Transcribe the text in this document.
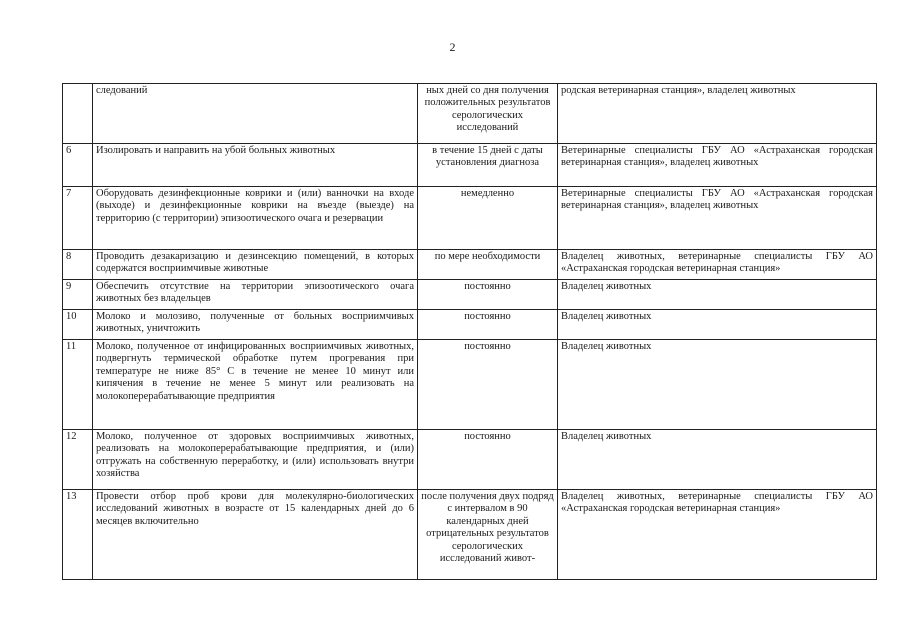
2
	следований	ных дней со дня получения положительных результатов серологических исследований	родская ветеринарная станция», владелец животных
6	Изолировать и направить на убой больных животных	в течение 15 дней с даты установления диагноза	Ветеринарные специалисты ГБУ АО «Астраханская городская ветеринарная станция», владелец животных
7	Оборудовать дезинфекционные коврики и (или) ванночки на входе (выходе) и дезинфекционные коврики на въезде (выезде) на территорию (с территории) эпизоотического очага и резервации	немедленно	Ветеринарные специалисты ГБУ АО «Астраханская городская ветеринарная станция», владелец животных
8	Проводить дезакаризацию и дезинсекцию помещений, в которых содержатся восприимчивые животные	по мере необходимости	Владелец животных, ветеринарные специалисты ГБУ АО «Астраханская городская ветеринарная станция»
9	Обеспечить отсутствие на территории эпизоотического очага животных без владельцев	постоянно	Владелец животных
10	Молоко и молозиво, полученные от больных восприимчивых животных, уничтожить	постоянно	Владелец животных
11	Молоко, полученное от инфицированных восприимчивых животных, подвергнуть термической обработке путем прогревания при температуре не ниже 85° С в течение не менее 10 минут или кипячения в течение не менее 5 минут или реализовать на молокоперерабатывающие предприятия	постоянно	Владелец животных
12	Молоко, полученное от здоровых восприимчивых животных, реализовать на молокоперерабатывающие предприятия, и (или) отгружать на собственную переработку, и (или) использовать внутри хозяйства	постоянно	Владелец животных
13	Провести отбор проб крови для молекулярно-биологических исследований животных в возрасте от 15 календарных дней до 6 месяцев включительно	после получения двух подряд с интервалом в 90 календарных дней отрицательных результатов серологических исследований живот-	Владелец животных, ветеринарные специалисты ГБУ АО «Астраханская городская ветеринарная станция»
